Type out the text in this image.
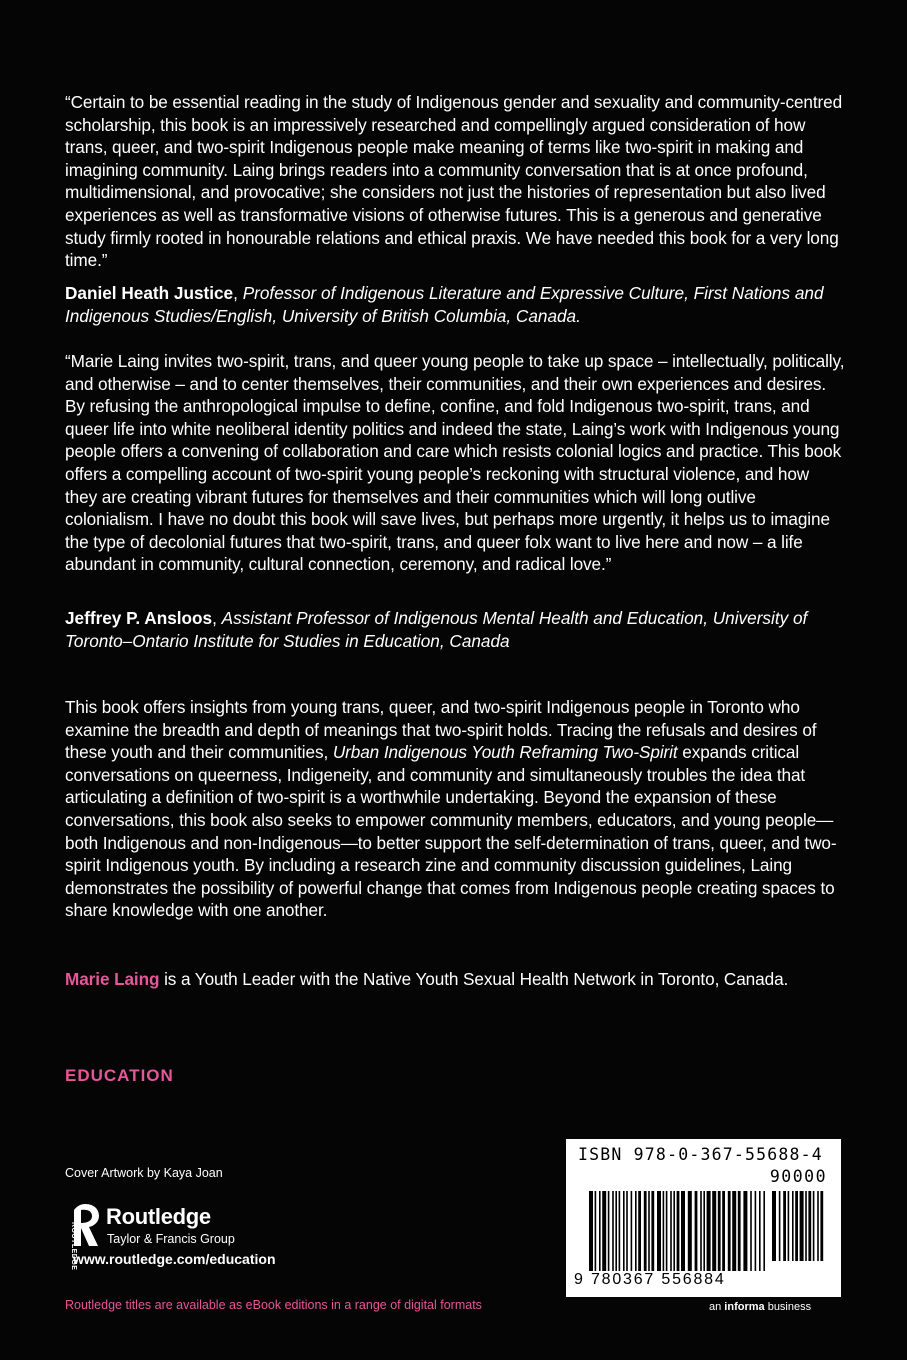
“Certain to be essential reading in the study of Indigenous gender and sexuality and community-centred scholarship, this book is an impressively researched and compellingly argued consideration of how trans, queer, and two-spirit Indigenous people make meaning of terms like two-spirit in making and imagining community. Laing brings readers into a community conversation that is at once profound, multidimensional, and provocative; she considers not just the histories of representation but also lived experiences as well as transformative visions of otherwise futures. This is a generous and generative study firmly rooted in honourable relations and ethical praxis. We have needed this book for a very long time.”

Daniel Heath Justice, Professor of Indigenous Literature and Expressive Culture, First Nations and Indigenous Studies/English, University of British Columbia, Canada.

“Marie Laing invites two-spirit, trans, and queer young people to take up space – intellectually, politically, and otherwise – and to center themselves, their communities, and their own experiences and desires. By refusing the anthropological impulse to define, confine, and fold Indigenous two-spirit, trans, and queer life into white neoliberal identity politics and indeed the state, Laing’s work with Indigenous young people offers a convening of collaboration and care which resists colonial logics and practice. This book offers a compelling account of two-spirit young people’s reckoning with structural violence, and how they are creating vibrant futures for themselves and their communities which will long outlive colonialism. I have no doubt this book will save lives, but perhaps more urgently, it helps us to imagine the type of decolonial futures that two-spirit, trans, and queer folx want to live here and now – a life abundant in community, cultural connection, ceremony, and radical love.”

Jeffrey P. Ansloos, Assistant Professor of Indigenous Mental Health and Education, University of Toronto–Ontario Institute for Studies in Education, Canada

This book offers insights from young trans, queer, and two-spirit Indigenous people in Toronto who examine the breadth and depth of meanings that two-spirit holds. Tracing the refusals and desires of these youth and their communities, Urban Indigenous Youth Reframing Two-Spirit expands critical conversations on queerness, Indigeneity, and community and simultaneously troubles the idea that articulating a definition of two-spirit is a worthwhile undertaking. Beyond the expansion of these conversations, this book also seeks to empower community members, educators, and young people—both Indigenous and non-Indigenous—to better support the self-determination of trans, queer, and two-spirit Indigenous youth. By including a research zine and community discussion guidelines, Laing demonstrates the possibility of powerful change that comes from Indigenous people creating spaces to share knowledge with one another.

Marie Laing is a Youth Leader with the Native Youth Sexual Health Network in Toronto, Canada.

EDUCATION
Cover Artwork by Kaya Joan
ROUTLEDGE
Routledge
Taylor & Francis Group
www.routledge.com/education
Routledge titles are available as eBook editions in a range of digital formats
ISBN 978-0-367-55688-4
90000
9 780367 556884
an informa business
